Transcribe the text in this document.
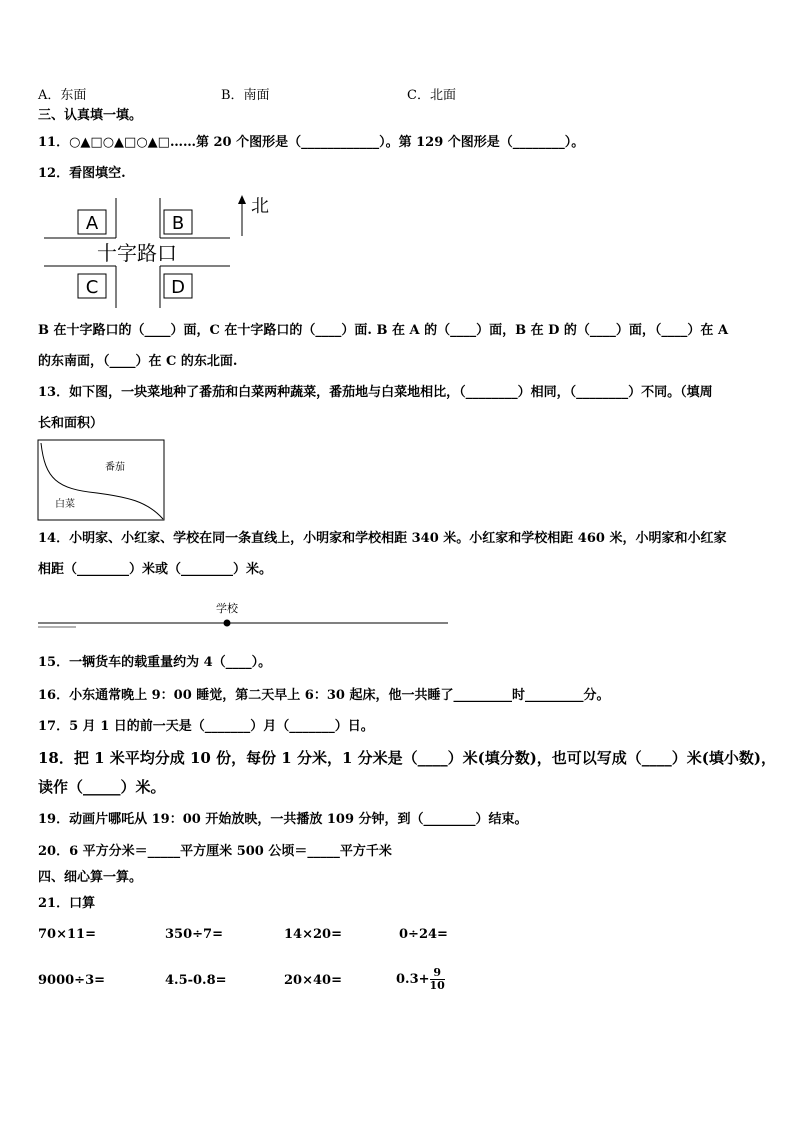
A．东面	B．南面	C．北面
三、认真填一填。
11．○▲□○▲□○▲□……第 20 个图形是（____________）。第 129 个图形是（________）。
12．看图填空.
A	B
C	D
十字路口
北
B 在十字路口的（____）面，C 在十字路口的（____）面. B 在 A 的（____）面，B 在 D 的（____）面，（____）在 A
的东南面，（____）在 C 的东北面.
13．如下图，一块菜地种了番茄和白菜两种蔬菜，番茄地与白菜地相比，（________）相同，（________）不同。（填周
长和面积）
番茄
白菜
14．小明家、小红家、学校在同一条直线上，小明家和学校相距 340 米。小红家和学校相距 460 米，小明家和小红家
相距（________）米或（________）米。
学校
15．一辆货车的载重量约为 4（____）。
16．小东通常晚上 9：00 睡觉，第二天早上 6：30 起床，他一共睡了_________时_________分。
17．5 月 1 日的前一天是（_______）月（_______）日。
18．把 1 米平均分成 10 份，每份 1 分米，1 分米是（____）米(填分数)，也可以写成（____）米(填小数)，
读作（_____）米。
19．动画片哪吒从 19：00 开始放映，一共播放 109 分钟，到（________）结束。
20．6 平方分米＝_____平方厘米 500 公顷＝_____平方千米
四、细心算一算。
21．口算
70×11=	350÷7=	14×20=	0÷24=
9000÷3=	4.5-0.8=	20×40=	$0.3+ \frac{9}{10}$
